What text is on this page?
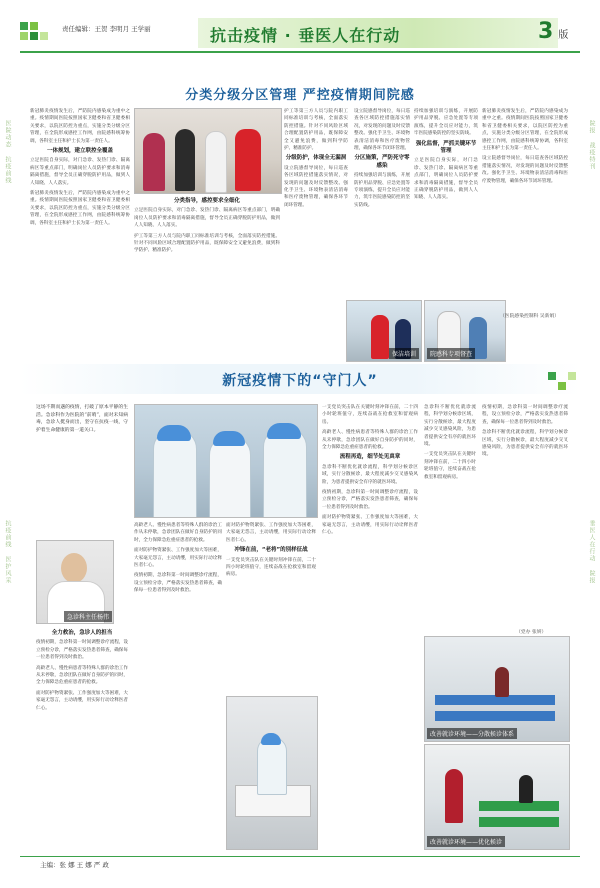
责任编辑：王贺 李明月 王学丽	抗击疫情 · 垂医人在行动	3 版
医院动态 抗疫前线	院报 战疫特刊
抗疫前线 医护风采	垂医人在行动 院报
分类分级分区管理 严控疫情期间院感

新冠肺炎疫情发生后，严防院内感染成为重中之重。疫情期间医院按照国家卫健委和省卫健委相关要求，以院区防控为重点，实施分类分级分区管理，在全院形成感控工作网，由院感科统筹协调，各科室主任和护士长为第一责任人。

一体规划，建立联控全覆盖

立足医院自身实际，对门急诊、发热门诊、隔离病区等重点部门，明确岗位人员防护要求和消毒隔离措施，督导全员正确穿脱防护用品，做到人人知晓、人人落实。

新冠肺炎疫情发生后，严防院内感染成为重中之重。疫情期间医院按照国家卫健委和省卫健委相关要求，以院区防控为重点，实施分类分级分区管理，在全院形成感控工作网，由院感科统筹协调，各科室主任和护士长为第一责任人。

分类指导，感控要求全细化

立足医院自身实际，对门急诊、发热门诊、隔离病区等重点部门，明确岗位人员防护要求和消毒隔离措施，督导全员正确穿脱防护用品，做到人人知晓、人人落实。

护工等第三方人员与院内职工同标准培训与考核，全面落实防控措施。针对不同风险区域合理配置防护用品，既保障安全又避免浪费，做到科学防护、精准防护。

护工等第三方人员与院内职工同标准培训与考核，全面落实防控措施。针对不同风险区域合理配置防护用品，既保障安全又避免浪费，做到科学防护、精准防护。

分级防护，体现全无漏洞

设立院感督导岗位，每日巡查各区域防控措施落实情况，对发现的问题及时反馈整改。强化手卫生、环境物表清洁消毒和医疗废物管理，确保各环节闭环管理。

设立院感督导岗位，每日巡查各区域防控措施落实情况，对发现的问题及时反馈整改。强化手卫生、环境物表清洁消毒和医疗废物管理，确保各环节闭环管理。

分区施策，严防死守零感染

持续加强培训与演练，开展防护用品穿脱、应急处置等专项演练，提升全员应对能力，筑牢医院感染防控的坚实防线。

持续加强培训与演练，开展防护用品穿脱、应急处置等专项演练，提升全员应对能力，筑牢医院感染防控的坚实防线。

强化监督，严抓关键环节管理

立足医院自身实际，对门急诊、发热门诊、隔离病区等重点部门，明确岗位人员防护要求和消毒隔离措施，督导全员正确穿脱防护用品，做到人人知晓、人人落实。

新冠肺炎疫情发生后，严防院内感染成为重中之重。疫情期间医院按照国家卫健委和省卫健委相关要求，以院区防控为重点，实施分类分级分区管理，在全院形成感控工作网，由院感科统筹协调，各科室主任和护士长为第一责任人。

设立院感督导岗位，每日巡查各区域防控措施落实情况，对发现的问题及时反馈整改。强化手卫生、环境物表清洁消毒和医疗废物管理，确保各环节闭环管理。

保洁培训	院感科专项督查
（医院感染控制科 吴新娟）
新冠疫情下的“守门人”

这场不期而遇的疫情，打破了原本平静的生活。急诊科作为医院的“前哨”，面对未知病毒，急诊人挺身而出，坚守在抗疫一线，守护着生命健康的第一道关口。

急诊科主任杨伟
全力救治，急诊人的担当

疫情初期，急诊科第一时间调整诊疗流程，设立预检分诊，严格落实发热患者筛查，确保每一位患者得到及时救治。

高龄老人、慢性病患者等特殊人群的诊治工作从未停歇，急诊团队在做好自身防护的同时，全力保障急危重症患者的抢救。

面对防护物资紧张、工作强度加大等困难，大家毫无怨言，主动请缨，用实际行动诠释医者仁心。

高龄老人、慢性病患者等特殊人群的诊治工作从未停歇，急诊团队在做好自身防护的同时，全力保障急危重症患者的抢救。

面对防护物资紧张、工作强度加大等困难，大家毫无怨言，主动请缨，用实际行动诠释医者仁心。

疫情初期，急诊科第一时间调整诊疗流程，设立预检分诊，严格落实发热患者筛查，确保每一位患者得到及时救治。

面对防护物资紧张、工作强度加大等困难，大家毫无怨言，主动请缨，用实际行动诠释医者仁心。

冲锋在前，“老将”的别样征战

一支党员突击队在关键时刻冲锋在前，二十四小时轮班值守，连续奋战在抢救室和留观病房。

一支党员突击队在关键时刻冲锋在前，二十四小时轮班值守，连续奋战在抢救室和留观病房。

高龄老人、慢性病患者等特殊人群的诊治工作从未停歇，急诊团队在做好自身防护的同时，全力保障急危重症患者的抢救。

流程再造，细节处见真章

急诊科不断优化就诊流程，科学划分候诊区域，实行分散候诊，最大程度减少交叉感染风险，为患者提供安全有序的就医环境。

疫情初期，急诊科第一时间调整诊疗流程，设立预检分诊，严格落实发热患者筛查，确保每一位患者得到及时救治。

面对防护物资紧张、工作强度加大等困难，大家毫无怨言，主动请缨，用实际行动诠释医者仁心。

急诊科不断优化就诊流程，科学划分候诊区域，实行分散候诊，最大程度减少交叉感染风险，为患者提供安全有序的就医环境。

一支党员突击队在关键时刻冲锋在前，二十四小时轮班值守，连续奋战在抢救室和留观病房。

疫情初期，急诊科第一时间调整诊疗流程，设立预检分诊，严格落实发热患者筛查，确保每一位患者得到及时救治。

急诊科不断优化就诊流程，科学划分候诊区域，实行分散候诊，最大程度减少交叉感染风险，为患者提供安全有序的就医环境。

（党办 张妍）
改善就诊环境——分散候诊体系
改善就诊环境——优化候诊
主编：张 娜 王 娜 严 政
